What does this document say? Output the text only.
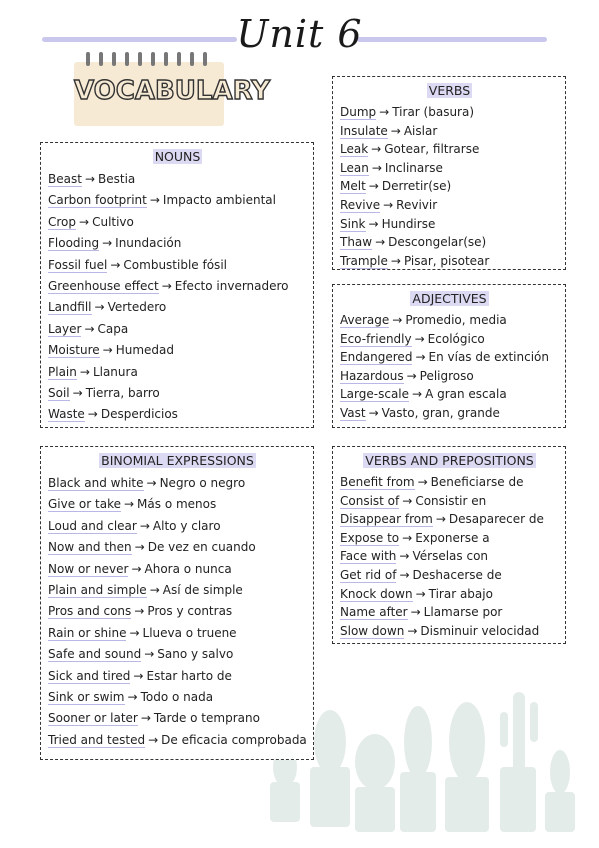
Unit 6
VOCABULARY
NOUNS
Beast → Bestia
Carbon footprint → Impacto ambiental
Crop → Cultivo
Flooding → Inundación
Fossil fuel → Combustible fósil
Greenhouse effect → Efecto invernadero
Landfill → Vertedero
Layer → Capa
Moisture → Humedad
Plain → Llanura
Soil → Tierra, barro
Waste → Desperdicios
BINOMIAL EXPRESSIONS
Black and white → Negro o negro
Give or take → Más o menos
Loud and clear → Alto y claro
Now and then → De vez en cuando
Now or never → Ahora o nunca
Plain and simple → Así de simple
Pros and cons → Pros y contras
Rain or shine → Llueva o truene
Safe and sound → Sano y salvo
Sick and tired → Estar harto de
Sink or swim → Todo o nada
Sooner or later → Tarde o temprano
Tried and tested → De eficacia comprobada
VERBS
Dump → Tirar (basura)
Insulate → Aislar
Leak → Gotear, filtrarse
Lean → Inclinarse
Melt → Derretir(se)
Revive → Revivir
Sink → Hundirse
Thaw → Descongelar(se)
Trample → Pisar, pisotear
ADJECTIVES
Average → Promedio, media
Eco-friendly → Ecológico
Endangered → En vías de extinción
Hazardous → Peligroso
Large-scale → A gran escala
Vast → Vasto, gran, grande
VERBS AND PREPOSITIONS
Benefit from → Beneficiarse de
Consist of → Consistir en
Disappear from → Desaparecer de
Expose to → Exponerse a
Face with → Vérselas con
Get rid of → Deshacerse de
Knock down → Tirar abajo
Name after → Llamarse por
Slow down → Disminuir velocidad
